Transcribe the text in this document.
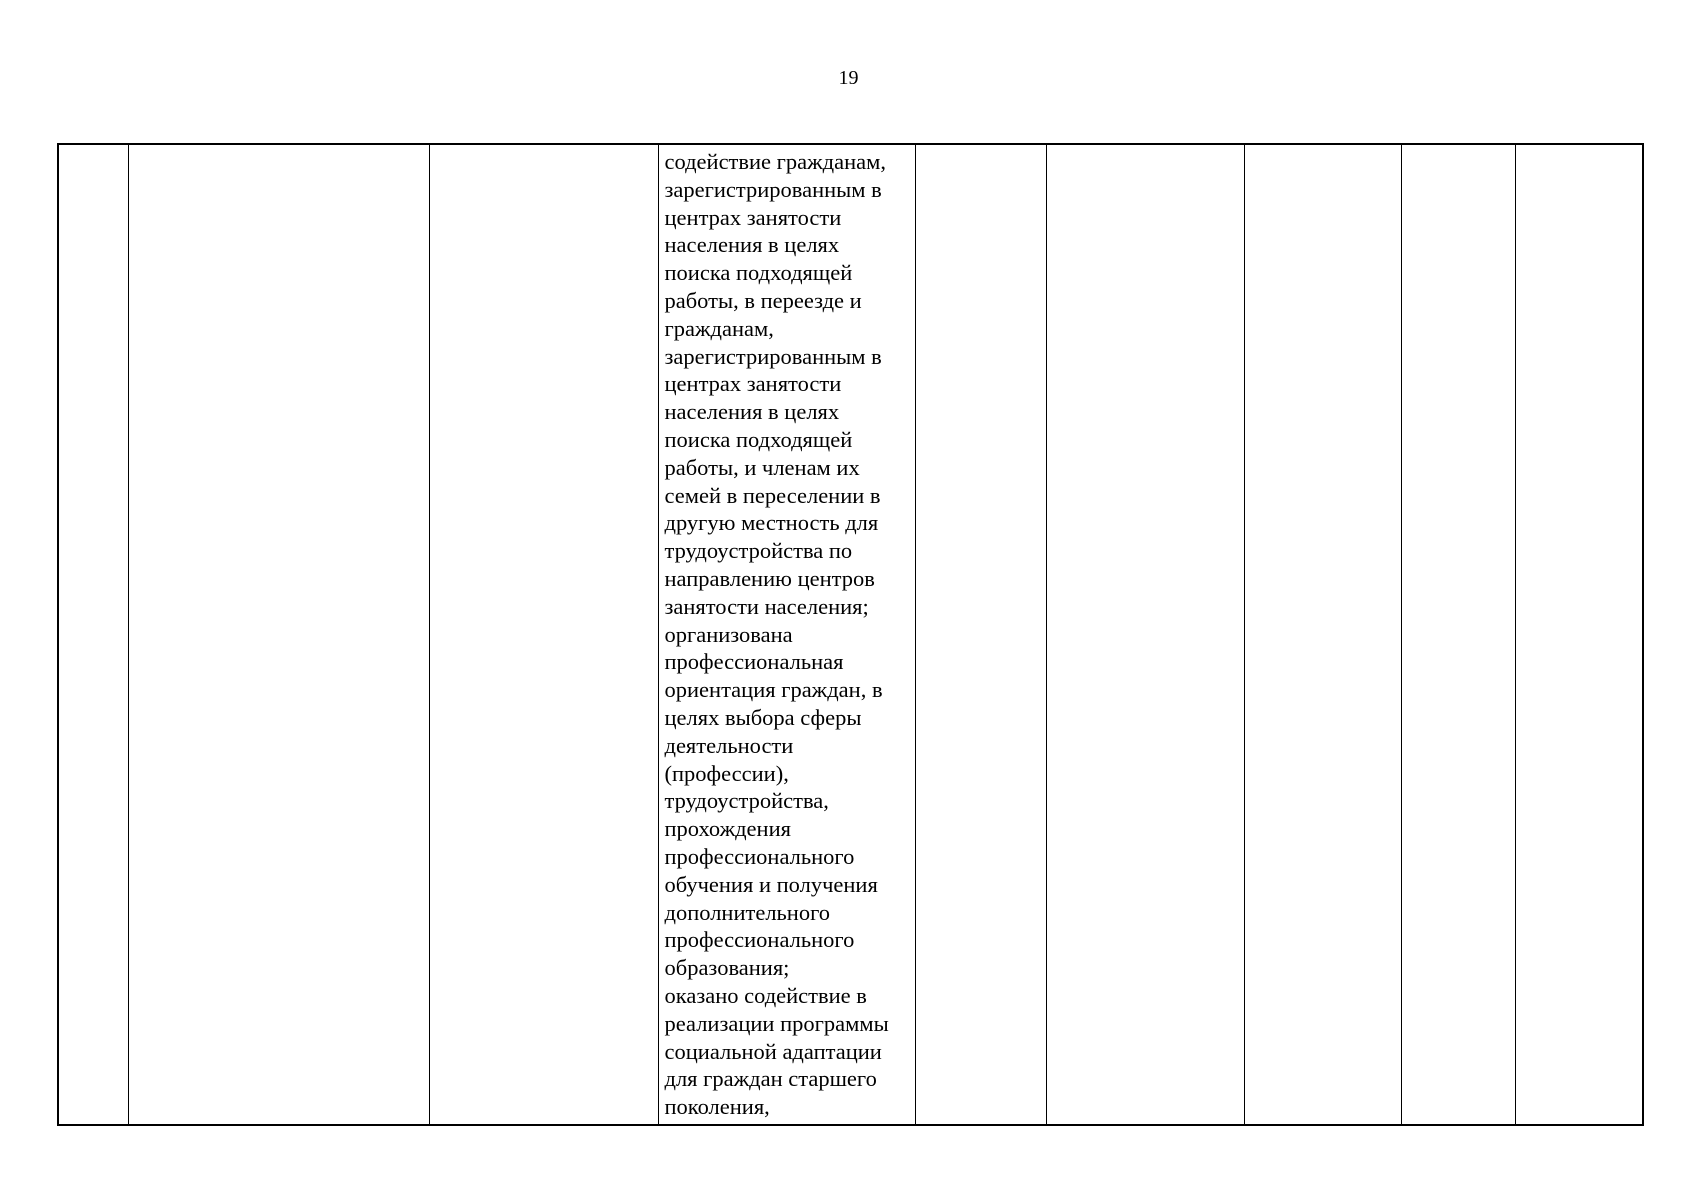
19

содействие гражданам,
зарегистрированным в
центрах занятости
населения в целях
поиска подходящей
работы, в переезде и
гражданам,
зарегистрированным в
центрах занятости
населения в целях
поиска подходящей
работы, и членам их
семей в переселении в
другую местность для
трудоустройства по
направлению центров
занятости населения;
организована
профессиональная
ориентация граждан, в
целях выбора сферы
деятельности
(профессии),
трудоустройства,
прохождения
профессионального
обучения и получения
дополнительного
профессионального
образования;
оказано содействие в
реализации программы
социальной адаптации
для граждан старшего
поколения,
